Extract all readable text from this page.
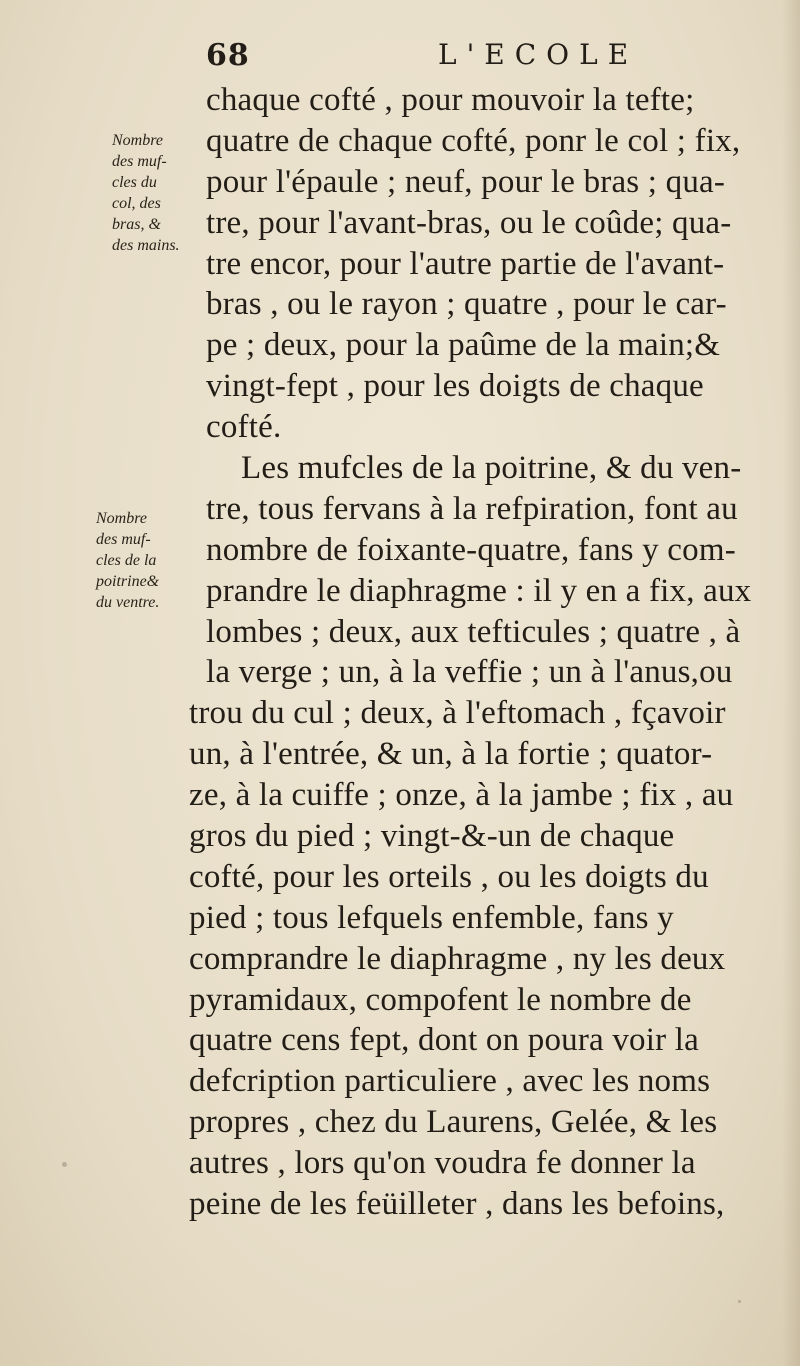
68	L'ECOLE
Nombre
des muf-
cles du
col, des
bras, &
des mains.
Nombre
des muf-
cles de la
poitrine&
du ventre.
chaque cofté , pour mouvoir la tefte;
quatre de chaque cofté, ponr le col ; fix,
pour l'épaule ; neuf, pour le bras ; qua-
tre, pour l'avant-bras, ou le coûde; qua-
tre encor, pour l'autre partie de l'avant-
bras , ou le rayon ; quatre , pour le car-
pe ; deux, pour la paûme de la main;&
vingt-fept , pour les doigts de chaque
cofté.
Les mufcles de la poitrine, & du ven-
tre, tous fervans à la refpiration, font au
nombre de foixante-quatre, fans y com-
prandre le diaphragme : il y en a fix, aux
lombes ; deux, aux tefticules ; quatre , à
la verge ; un, à la veffie ; un à l'anus,ou
trou du cul ; deux, à l'eftomach , fçavoir
un, à l'entrée, & un, à la fortie ; quator-
ze, à la cuiffe ; onze, à la jambe ; fix , au
gros du pied ; vingt-&-un de chaque
cofté, pour les orteils , ou les doigts du
pied ; tous lefquels enfemble, fans y
comprandre le diaphragme , ny les deux
pyramidaux, compofent le nombre de
quatre cens fept, dont on poura voir la
defcription particuliere , avec les noms
propres , chez du Laurens, Gelée, & les
autres , lors qu'on voudra fe donner la
peine de les feüilleter , dans les befoins,
